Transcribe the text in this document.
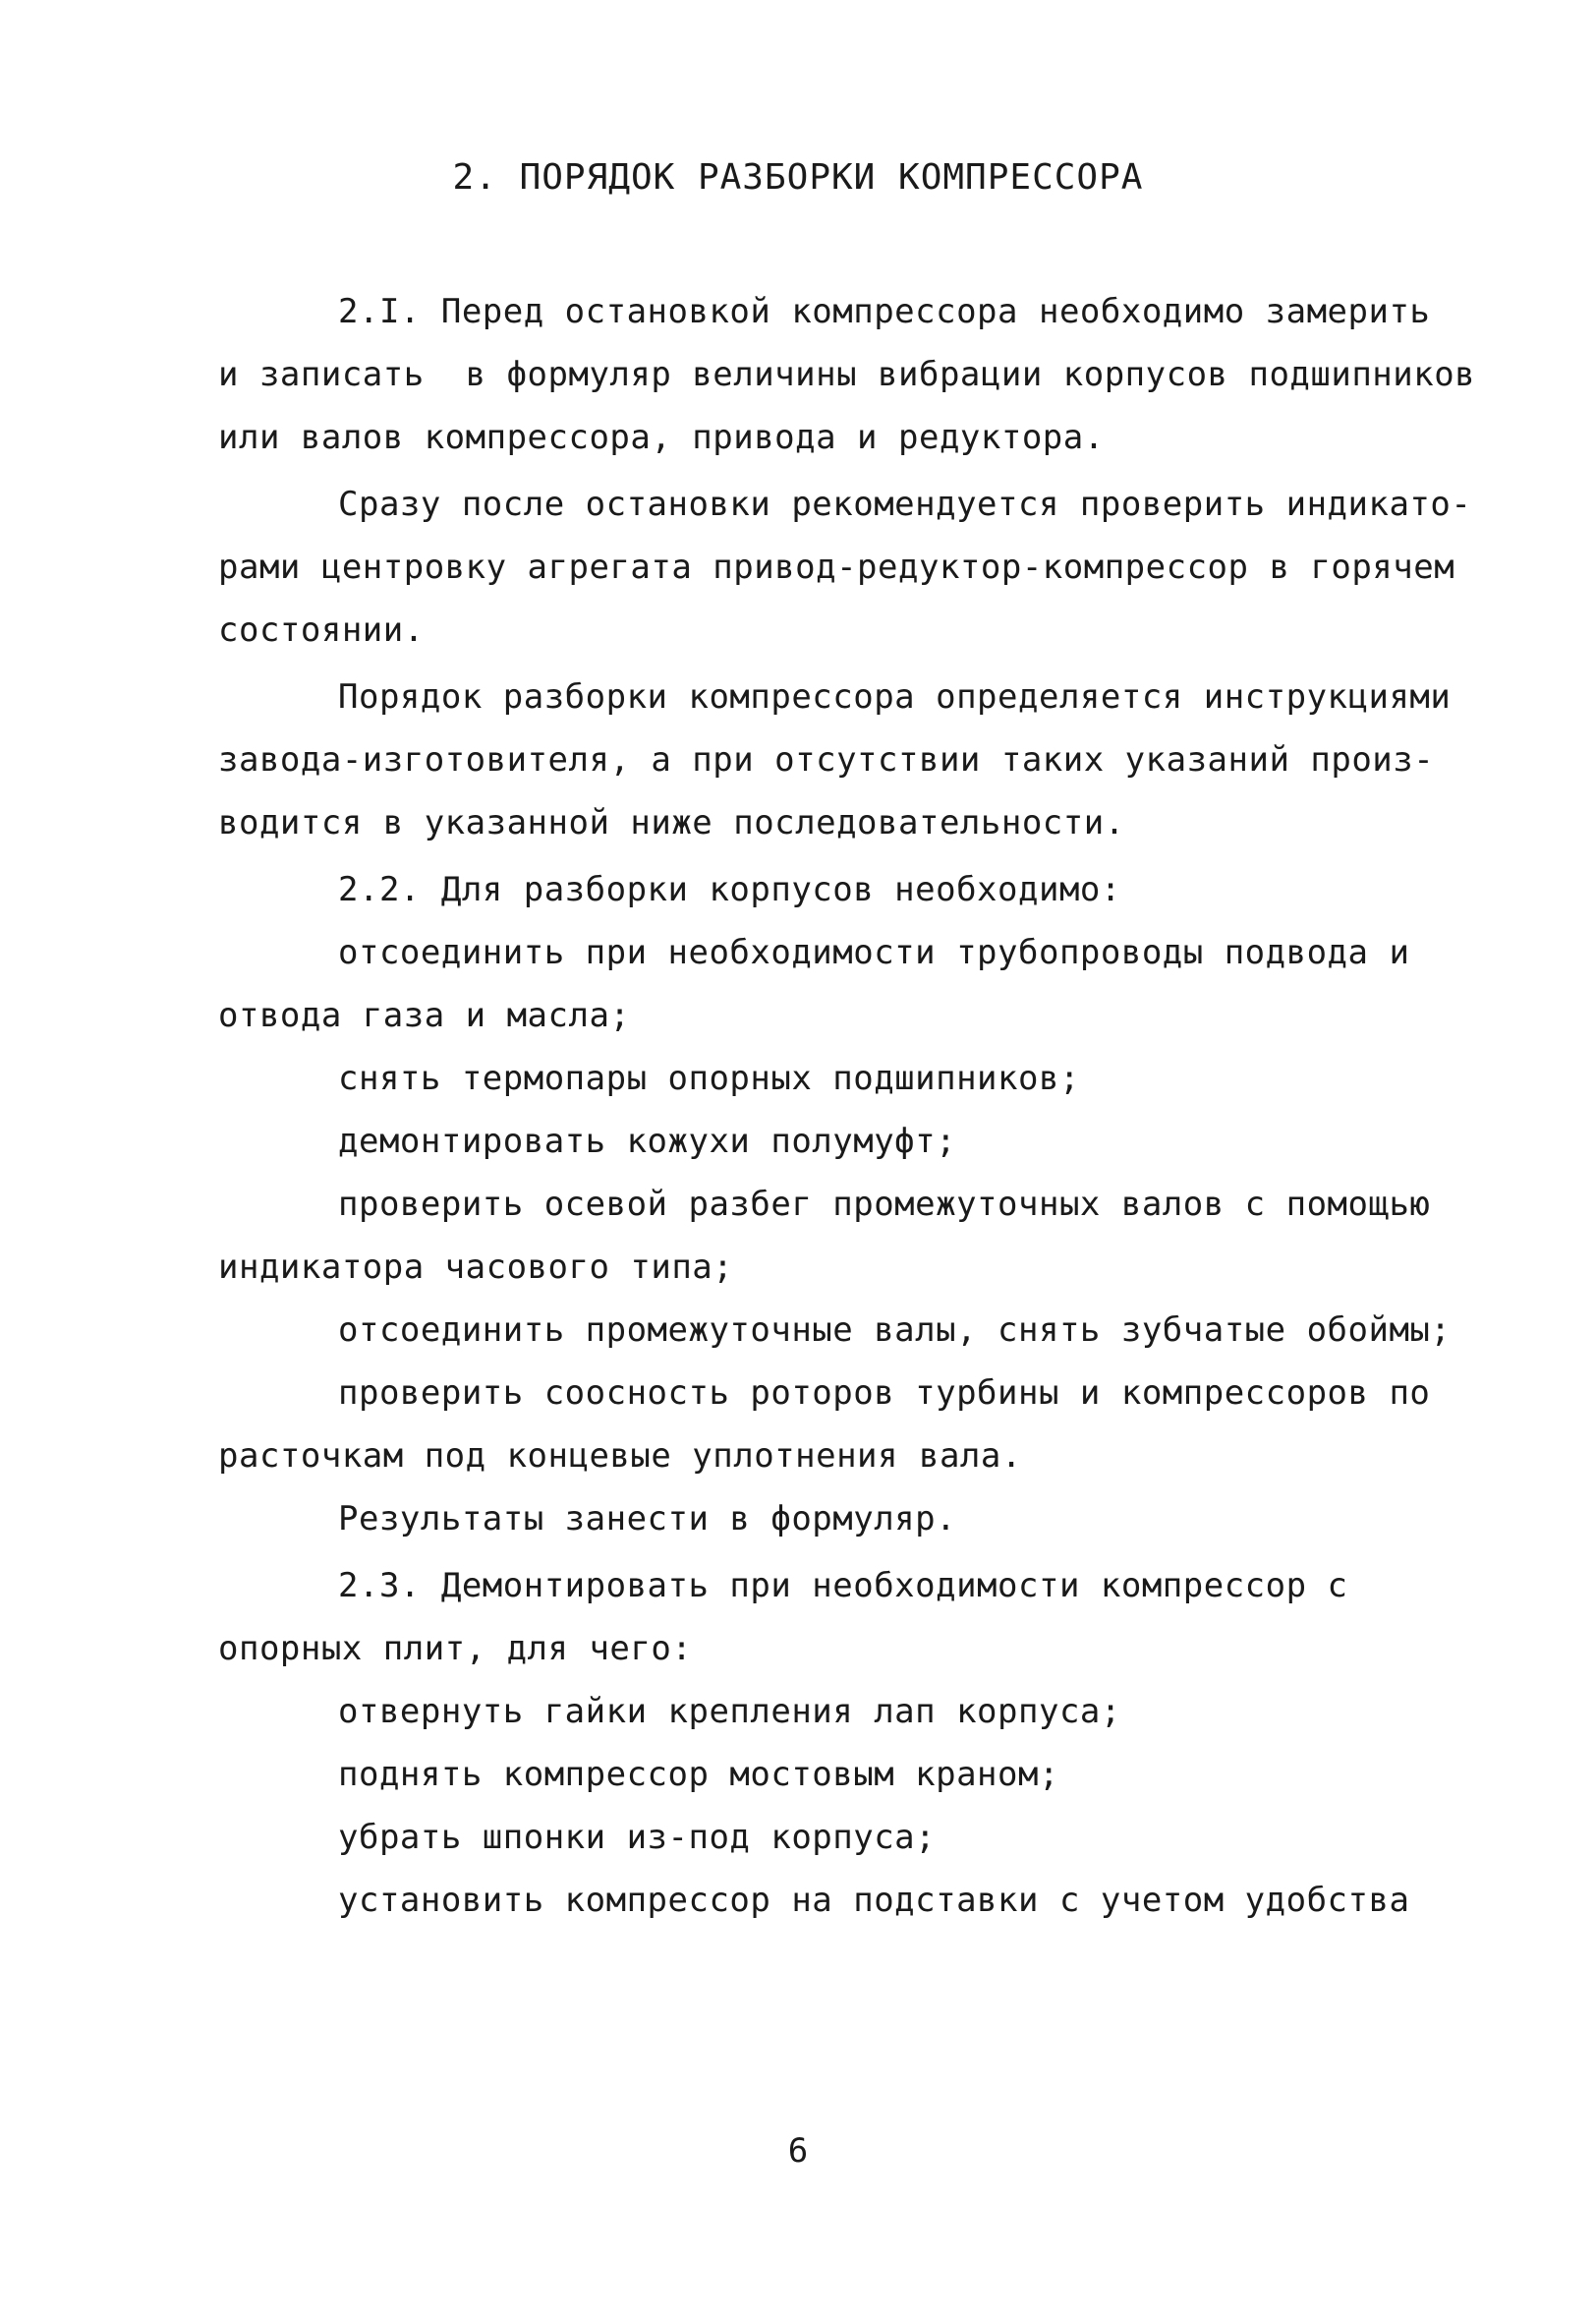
2. ПОРЯДОК РАЗБОРКИ КОМПРЕССОРА
2.I. Перед остановкой компрессора необходимо замерить
и записать  в формуляр величины вибрации корпусов подшипников
или валов компрессора, привода и редуктора.
Сразу после остановки рекомендуется проверить индикато-
рами центровку агрегата привод-редуктор-компрессор в горячем
состоянии.
Порядок разборки компрессора определяется инструкциями
завода-изготовителя, а при отсутствии таких указаний произ-
водится в указанной ниже последовательности.
2.2. Для разборки корпусов необходимо:
отсоединить при необходимости трубопроводы подвода и
отвода газа и масла;
снять термопары опорных подшипников;
демонтировать кожухи полумуфт;
проверить осевой разбег промежуточных валов с помощью
индикатора часового типа;
отсоединить промежуточные валы, снять зубчатые обоймы;
проверить соосность роторов турбины и компрессоров по
расточкам под концевые уплотнения вала.
Результаты занести в формуляр.
2.3. Демонтировать при необходимости компрессор с
опорных плит, для чего:
отвернуть гайки крепления лап корпуса;
поднять компрессор мостовым краном;
убрать шпонки из-под корпуса;
установить компрессор на подставки с учетом удобства
6
